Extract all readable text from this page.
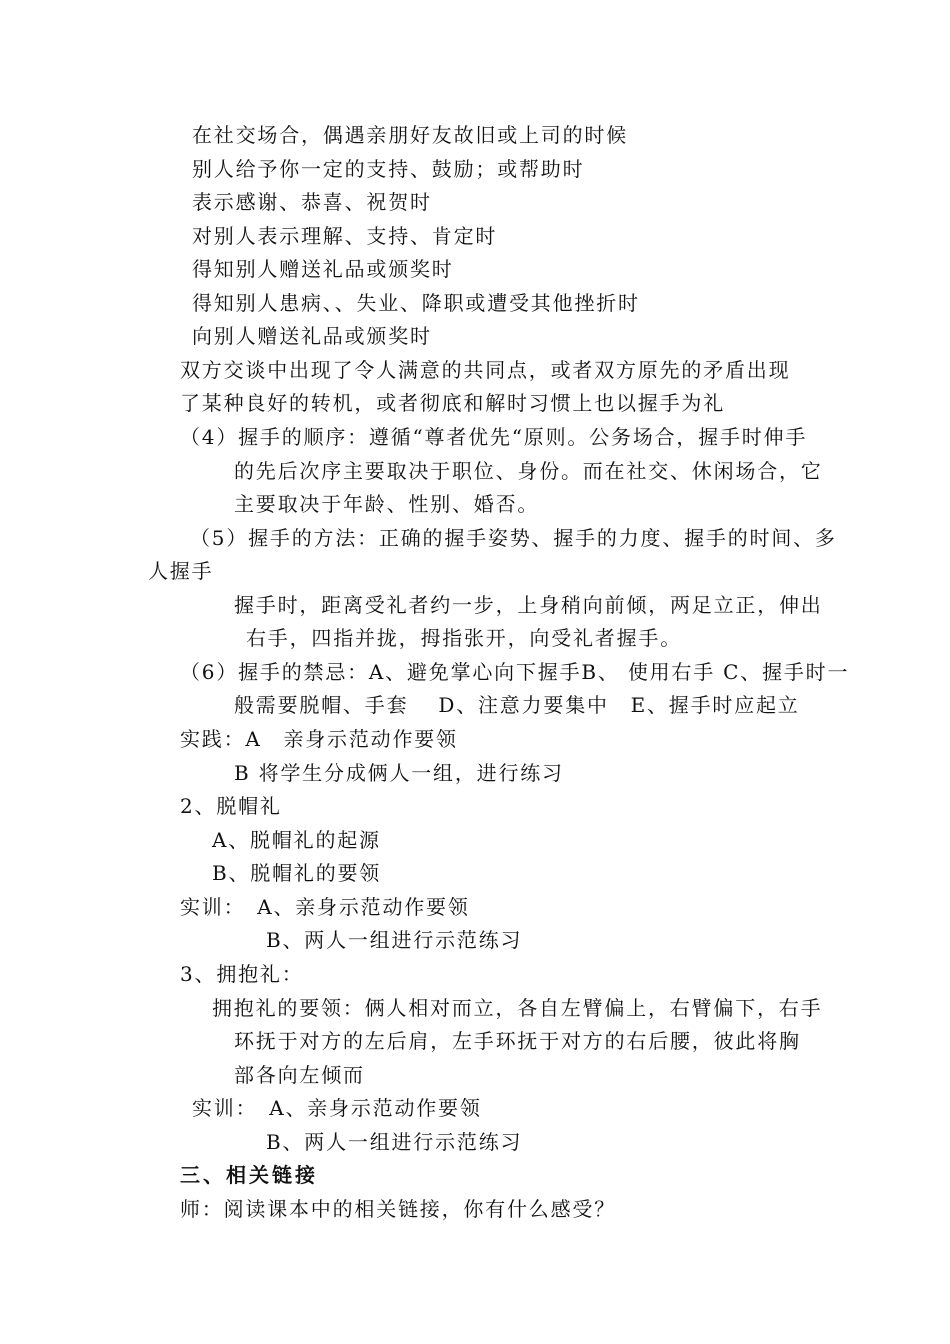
在社交场合，偶遇亲朋好友故旧或上司的时候
别人给予你一定的支持、鼓励；或帮助时
表示感谢、恭喜、祝贺时
对别人表示理解、支持、肯定时
得知别人赠送礼品或颁奖时
得知别人患病、、失业、降职或遭受其他挫折时
向别人赠送礼品或颁奖时
双方交谈中出现了令人满意的共同点，或者双方原先的矛盾出现
了某种良好的转机，或者彻底和解时习惯上也以握手为礼
（4）握手的顺序：遵循“尊者优先“原则。公务场合，握手时伸手
的先后次序主要取决于职位、身份。而在社交、休闲场合，它
主要取决于年龄、性别、婚否。
（5）握手的方法：正确的握手姿势、握手的力度、握手的时间、多
人握手
握手时，距离受礼者约一步，上身稍向前倾，两足立正，伸出
右手，四指并拢，拇指张开，向受礼者握手。
（6）握手的禁忌：A、避免掌心向下握手B、 使用右手 C、握手时一
般需要脱帽、手套　 D、注意力要集中　E、握手时应起立
实践：A　亲身示范动作要领
B 将学生分成俩人一组，进行练习
2、脱帽礼
A、脱帽礼的起源
B、脱帽礼的要领
实训：　A、亲身示范动作要领
B、两人一组进行示范练习
3、拥抱礼：
拥抱礼的要领：俩人相对而立，各自左臂偏上，右臂偏下，右手
环抚于对方的左后肩，左手环抚于对方的右后腰，彼此将胸
部各向左倾而
实训：　A、亲身示范动作要领
B、两人一组进行示范练习
三、相关链接
师：阅读课本中的相关链接，你有什么感受？
